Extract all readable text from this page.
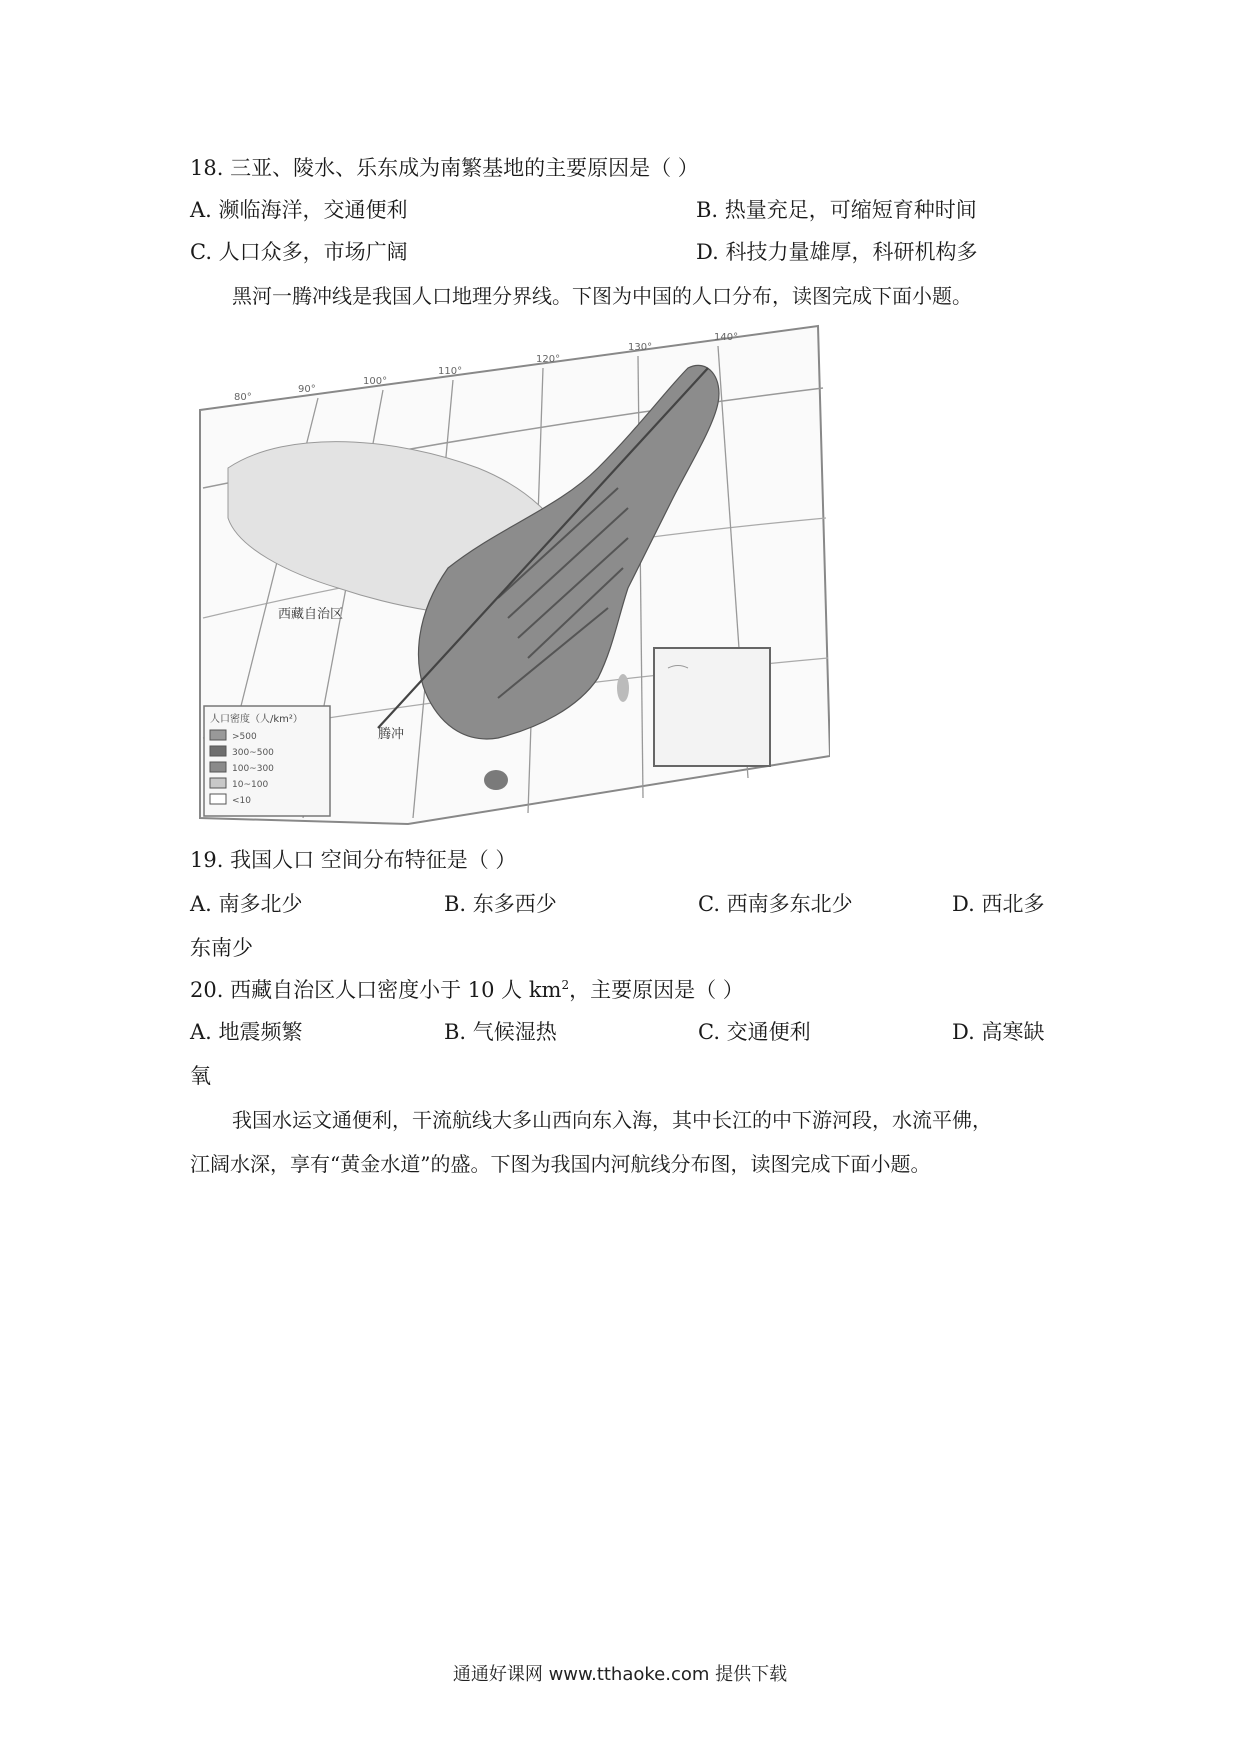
18. 三亚、陵水、乐东成为南繁基地的主要原因是（ ）
A. 濒临海洋，交通便利	B. 热量充足，可缩短育种时间
C. 人口众多，市场广阔	D. 科技力量雄厚，科研机构多
黑河一腾冲线是我国人口地理分界线。下图为中国的人口分布，读图完成下面小题。
人口密度（人/km²）
>500
300~500
100~300
10~100
<10
西藏自治区
腾冲
80°
90°
100°
110°
120°
130°
140°
19. 我国人口 空间分布特征是（ ）
A. 南多北少	B. 东多西少	C. 西南多东北少	D. 西北多
东南少
20. 西藏自治区人口密度小于 10 人 $km^2$，主要原因是（ ）
A. 地震频繁	B. 气候湿热	C. 交通便利	D. 高寒缺
氧
我国水运文通便利，干流航线大多山西向东入海，其中长江的中下游河段，水流平佛，
江阔水深，享有“黄金水道”的盛。下图为我国内河航线分布图，读图完成下面小题。
通通好课网 www.tthaoke.com 提供下载
